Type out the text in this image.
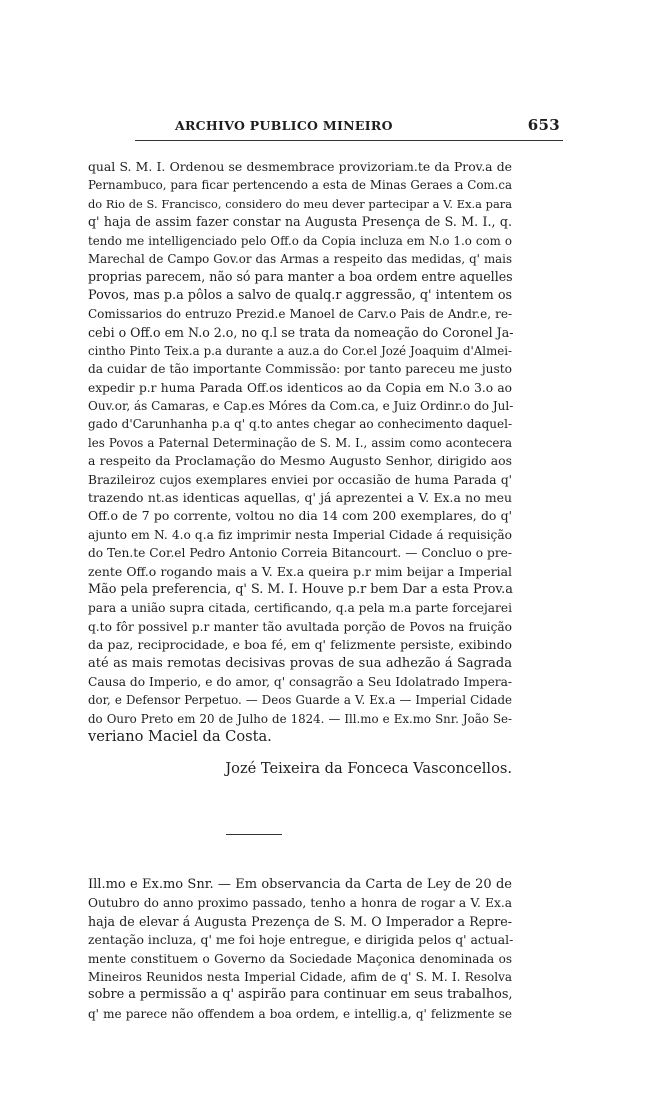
ARCHIVO PUBLICO MINEIRO	653
qual S. M. I. Ordenou se desmembrace provizoriam.te da Prov.a de
Pernambuco, para ficar pertencendo a esta de Minas Geraes a Com.ca
do Rio de S. Francisco, considero do meu dever partecipar a V. Ex.a para
q' haja de assim fazer constar na Augusta Presença de S. M. I., q.
tendo me intelligenciado pelo Off.o da Copia incluza em N.o 1.o com o
Marechal de Campo Gov.or das Armas a respeito das medidas, q' mais
proprias parecem, não só para manter a boa ordem entre aquelles
Povos, mas p.a pôlos a salvo de qualq.r aggressão, q' intentem os
Comissarios do entruzo Prezid.e Manoel de Carv.o Pais de Andr.e, re-
cebi o Off.o em N.o 2.o, no q.l se trata da nomeação do Coronel Ja-
cintho Pinto Teix.a p.a durante a auz.a do Cor.el Jozé Joaquim d'Almei-
da cuidar de tão importante Commissão: por tanto pareceu me justo
expedir p.r huma Parada Off.os identicos ao da Copia em N.o 3.o ao
Ouv.or, ás Camaras, e Cap.es Móres da Com.ca, e Juiz Ordinr.o do Jul-
gado d'Carunhanha p.a q' q.to antes chegar ao conhecimento daquel-
les Povos a Paternal Determinação de S. M. I., assim como acontecera
a respeito da Proclamação do Mesmo Augusto Senhor, dirigido aos
Brazileiroz cujos exemplares enviei por occasião de huma Parada q'
trazendo nt.as identicas aquellas, q' já aprezentei a V. Ex.a no meu
Off.o de 7 po corrente, voltou no dia 14 com 200 exemplares, do q'
ajunto em N. 4.o q.a fiz imprimir nesta Imperial Cidade á requisição
do Ten.te Cor.el Pedro Antonio Correia Bitancourt. — Concluo o pre-
zente Off.o rogando mais a V. Ex.a queira p.r mim beijar a Imperial
Mão pela preferencia, q' S. M. I. Houve p.r bem Dar a esta Prov.a
para a união supra citada, certificando, q.a pela m.a parte forcejarei
q.to fôr possivel p.r manter tão avultada porção de Povos na fruição
da paz, reciprocidade, e boa fé, em q' felizmente persiste, exibindo
até as mais remotas decisivas provas de sua adhezão á Sagrada
Causa do Imperio, e do amor, q' consagrão a Seu Idolatrado Impera-
dor, e Defensor Perpetuo. — Deos Guarde a V. Ex.a — Imperial Cidade
do Ouro Preto em 20 de Julho de 1824. — Ill.mo e Ex.mo Snr. João Se-
veriano Maciel da Costa.
Jozé Teixeira da Fonceca Vasconcellos.
Ill.mo e Ex.mo Snr. — Em observancia da Carta de Ley de 20 de
Outubro do anno proximo passado, tenho a honra de rogar a V. Ex.a
haja de elevar á Augusta Prezença de S. M. O Imperador a Repre-
zentação incluza, q' me foi hoje entregue, e dirigida pelos q' actual-
mente constituem o Governo da Sociedade Maçonica denominada os
Mineiros Reunidos nesta Imperial Cidade, afim de q' S. M. I. Resolva
sobre a permissão a q' aspirão para continuar em seus trabalhos,
q' me parece não offendem a boa ordem, e intellig.a, q' felizmente se
